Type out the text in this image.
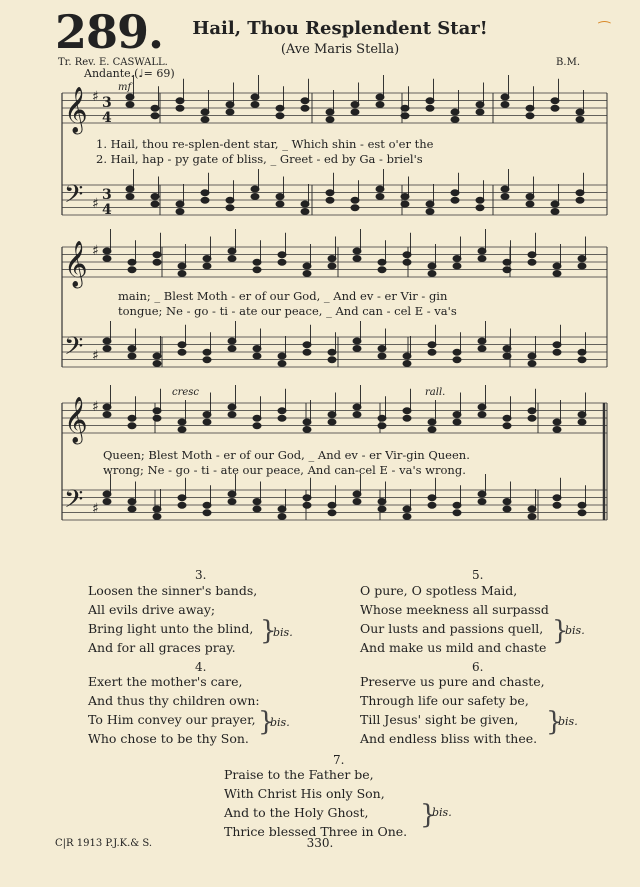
289.	Hail, Thou Resplendent Star!
(Ave Maris Stella)
⁀
Tr. Rev. E. CASWALL.	B.M.
Andante.(♩= 69)
𝄞 ♯ 3
4
𝄢 ♯
3
4
𝄞 ♯
𝄢 ♯
𝄞 ♯
𝄢 ♯
mf
cresc	rall.
1. Hail, thou re-splen-dent star, _ Which shin - est o'er the
2. Hail, hap - py gate of bliss, _ Greet - ed by Ga - briel's
main; _ Blest Moth - er of our God, _ And ev - er Vir - gin
tongue; Ne - go - ti - ate our peace, _ And can - cel E - va's
Queen; Blest Moth - er of our God, _ And ev - er Vir-gin Queen.
wrong; Ne - go - ti - ate our peace, And can-cel E - va's wrong.
3.
Loosen the sinner's bands,
All evils drive away;
Bring light unto the blind,
And for all graces pray.
}
bis.
4.
Exert the mother's care,
And thus thy children own:
To Him convey our prayer,
Who chose to be thy Son.
}
bis.
5.
O pure, O spotless Maid,
Whose meekness all surpassd
Our lusts and passions quell,
And make us mild and chaste
}
bis.
6.
Preserve us pure and chaste,
Through life our safety be,
Till Jesus' sight be given,
And endless bliss with thee.
}
bis.
7.
Praise to the Father be,
With Christ His only Son,
And to the Holy Ghost,
Thrice blessed Three in One.
}
bis.
C|R 1913 P.J.K.& S.	330.
